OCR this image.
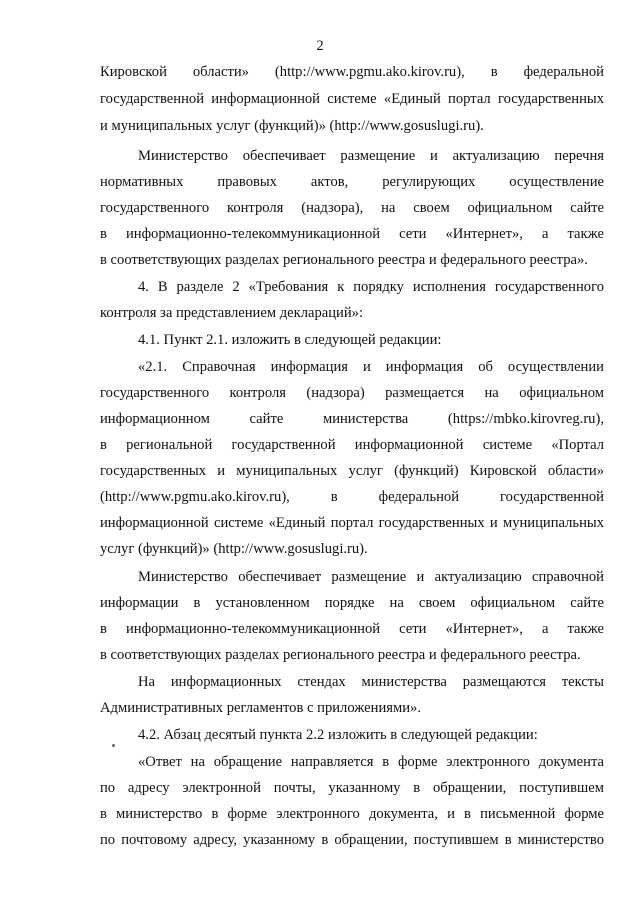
2
Кировской области» (http://www.pgmu.ako.kirov.ru), в федеральной
государственной информационной системе «Единый портал государственных
и муниципальных услуг (функций)» (http://www.gosuslugi.ru).
Министерство обеспечивает размещение и актуализацию перечня
нормативных правовых актов, регулирующих осуществление
государственного контроля (надзора), на своем официальном сайте
в информационно-телекоммуникационной сети «Интернет», а также
в соответствующих разделах регионального реестра и федерального реестра».
4. В разделе 2 «Требования к порядку исполнения государственного
контроля за представлением деклараций»:
4.1. Пункт 2.1. изложить в следующей редакции:
«2.1. Справочная информация и информация об осуществлении
государственного контроля (надзора) размещается на официальном
информационном сайте министерства (https://mbko.kirovreg.ru),
в региональной государственной информационной системе «Портал
государственных и муниципальных услуг (функций) Кировской области»
(http://www.pgmu.ako.kirov.ru), в федеральной государственной
информационной системе «Единый портал государственных и муниципальных
услуг (функций)» (http://www.gosuslugi.ru).
Министерство обеспечивает размещение и актуализацию справочной
информации в установленном порядке на своем официальном сайте
в информационно-телекоммуникационной сети «Интернет», а также
в соответствующих разделах регионального реестра и федерального реестра.
На информационных стендах министерства размещаются тексты
Административных регламентов с приложениями».
4.2. Абзац десятый пункта 2.2 изложить в следующей редакции:
«Ответ на обращение направляется в форме электронного документа
по адресу электронной почты, указанному в обращении, поступившем
в министерство в форме электронного документа, и в письменной форме
по почтовому адресу, указанному в обращении, поступившем в министерство
